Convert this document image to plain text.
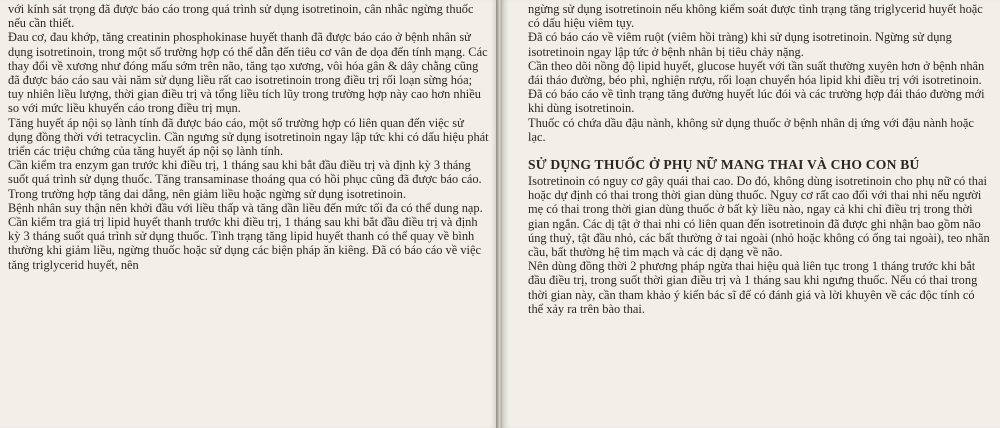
với kính sát trọng đã được báo cáo trong quá trình sử dụng isotretinoin, cân nhắc ngừng thuốc nếu cần thiết.

Đau cơ, đau khớp, tăng creatinin phosphokinase huyết thanh đã được báo cáo ở bệnh nhân sử dụng isotretinoin, trong một số trường hợp có thể dẫn đến tiêu cơ vân đe dọa đến tính mạng. Các thay đổi về xương như đóng mấu sớm trên não, tăng tạo xương, vôi hóa gân & dây chằng cũng đã được báo cáo sau vài năm sử dụng liều rất cao isotretinoin trong điều trị rối loạn sừng hóa; tuy nhiên liều lượng, thời gian điều trị và tổng liều tích lũy trong trường hợp này cao hơn nhiều so với mức liều khuyến cáo trong điều trị mụn.

Tăng huyết áp nội sọ lành tính đã được báo cáo, một số trường hợp có liên quan đến việc sử dụng đồng thời với tetracyclin. Cần ngưng sử dụng isotretinoin ngay lập tức khi có dấu hiệu phát triển các triệu chứng của tăng huyết áp nội sọ lành tính.

Cần kiểm tra enzym gan trước khi điều trị, 1 tháng sau khi bắt đầu điều trị và định kỳ 3 tháng suốt quá trình sử dụng thuốc. Tăng transaminase thoáng qua có hồi phục cũng đã được báo cáo. Trong trường hợp tăng dai dẳng, nên giảm liều hoặc ngừng sử dụng isotretinoin.

Bệnh nhân suy thận nên khởi đầu với liều thấp và tăng dần liều đến mức tối đa có thể dung nạp.

Cần kiểm tra giá trị lipid huyết thanh trước khi điều trị, 1 tháng sau khi bắt đầu điều trị và định kỳ 3 tháng suốt quá trình sử dụng thuốc. Tình trạng tăng lipid huyết thanh có thể quay về bình thường khi giảm liều, ngừng thuốc hoặc sử dụng các biện pháp ăn kiêng. Đã có báo cáo về việc tăng triglycerid huyết, nên

ngừng sử dụng isotretinoin nếu không kiểm soát được tình trạng tăng triglycerid huyết hoặc có dấu hiệu viêm tụy.

Đã có báo cáo về viêm ruột (viêm hồi tràng) khi sử dụng isotretinoin. Ngừng sử dụng isotretinoin ngay lập tức ở bệnh nhân bị tiêu chảy nặng.

Cần theo dõi nồng độ lipid huyết, glucose huyết với tần suất thường xuyên hơn ở bệnh nhân đái tháo đường, béo phì, nghiện rượu, rối loạn chuyển hóa lipid khi điều trị với isotretinoin. Đã có báo cáo về tình trạng tăng đường huyết lúc đói và các trường hợp đái tháo đường mới khi dùng isotretinoin.

Thuốc có chứa dầu đậu nành, không sử dụng thuốc ở bệnh nhân dị ứng với đậu nành hoặc lạc.

SỬ DỤNG THUỐC Ở PHỤ NỮ MANG THAI VÀ CHO CON BÚ

Isotretinoin có nguy cơ gây quái thai cao. Do đó, không dùng isotretinoin cho phụ nữ có thai hoặc dự định có thai trong thời gian dùng thuốc. Nguy cơ rất cao đối với thai nhi nếu người mẹ có thai trong thời gian dùng thuốc ở bất kỳ liều nào, ngay cả khi chỉ điều trị trong thời gian ngắn. Các dị tật ở thai nhi có liên quan đến isotretinoin đã được ghi nhận bao gồm não úng thuỷ, tật đầu nhỏ, các bất thường ở tai ngoài (nhỏ hoặc không có ống tai ngoài), teo nhãn cầu, bất thường hệ tim mạch và các dị dạng về não.

Nên dùng đồng thời 2 phương pháp ngừa thai hiệu quả liên tục trong 1 tháng trước khi bắt đầu điều trị, trong suốt thời gian điều trị và 1 tháng sau khi ngưng thuốc. Nếu có thai trong thời gian này, cần tham khảo ý kiến bác sĩ để có đánh giá và lời khuyên về các độc tính có thể xảy ra trên bào thai.
